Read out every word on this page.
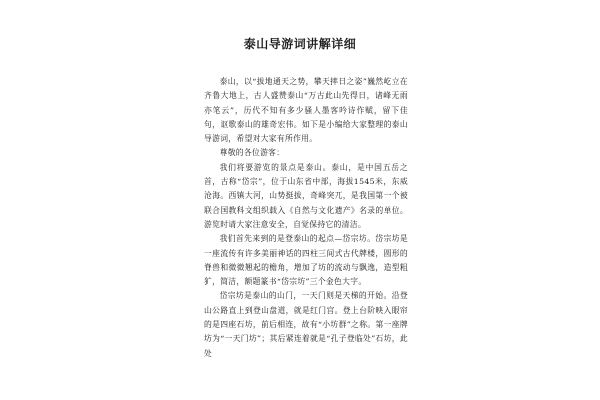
泰山导游词讲解详细

泰山，以“拔地通天之势，攀天摔日之姿”巍然屹立在齐鲁大地上，古人盛赞泰山“万古此山先得日，诸峰无雨亦笔云”，历代不知有多少骚人墨客吟诗作赋，留下佳句，讴歌泰山的雄奇宏伟。如下是小编给大家整理的泰山导游词，希望对大家有所作用。

尊敬的各位游客：

我们将要游览的景点是泰山。泰山，是中国五岳之首，古称“岱宗”，位于山东省中部，海拔1545米，东威沧海。西镇大河，山势挺拔，奇峰突兀，是我国第一个被联合国教科文组织载入《自然与文化遗产》名录的单位。游览时请大家注意安全，自觉保持它的清洁。

我们首先来到的是登泰山的起点—岱宗坊。岱宗坊是一座流传有许多美丽神话的四柱三间式古代牌楼，圆形的脊兽和微微翘起的檐角，增加了坊的流动与飘逸，造型粗犷，简洁，额题篆书“岱宗坊”三个金色大字。

岱宗坊是泰山的山门，一天门则是天梯的开始。沿登山公路直上到登山盘道，就是红门宫。登上台阶映入眼帘的是四座石坊，前后相连，故有“小坊群”之称。第一座牌坊为“一天门坊”；其后紧连着就是“孔子登临处”石坊，此处
